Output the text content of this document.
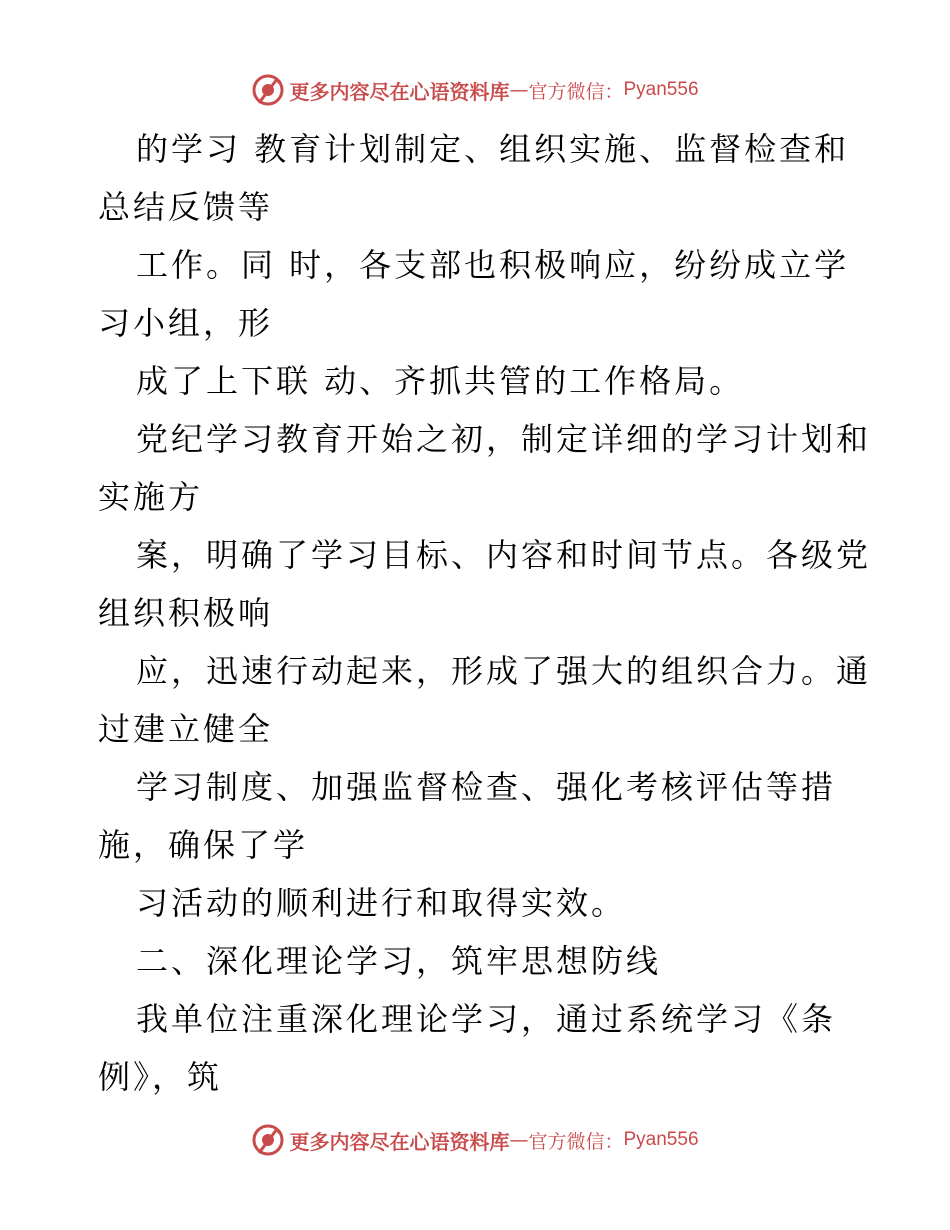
更多内容尽在心语资料库 — 官方微信： Pyan556
的学习 教育计划制定、组织实施、监督检查和
总结反馈等
工作。同 时，各支部也积极响应，纷纷成立学
习小组，形
成了上下联 动、齐抓共管的工作格局。
党纪学习教育开始之初，制定详细的学习计划和
实施方
案，明确了学习目标、内容和时间节点。各级党
组织积极响
应，迅速行动起来，形成了强大的组织合力。通
过建立健全
学习制度、加强监督检查、强化考核评估等措
施，确保了学
习活动的顺利进行和取得实效。
二、深化理论学习，筑牢思想防线
我单位注重深化理论学习，通过系统学习《条
例》，筑
更多内容尽在心语资料库 — 官方微信： Pyan556
